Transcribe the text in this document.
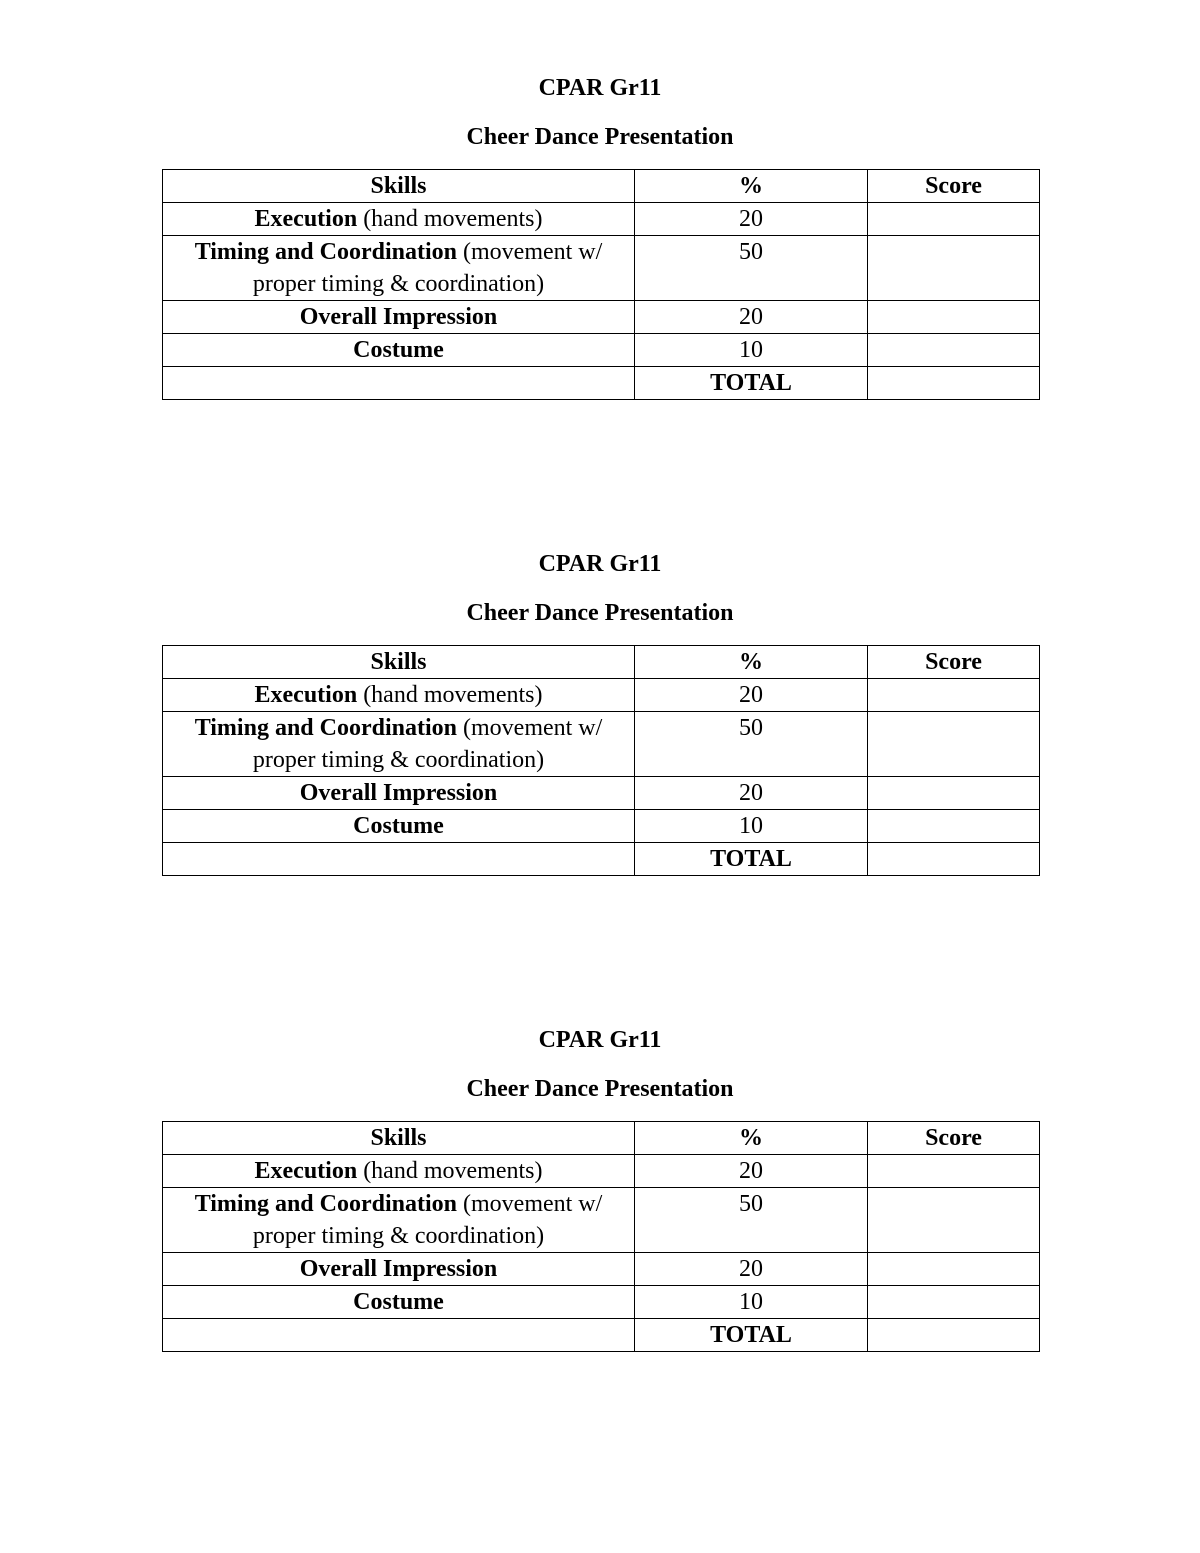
CPAR Gr11
Cheer Dance Presentation
Skills	%	Score
Execution (hand movements)	20	
Timing and Coordination (movement w/ proper timing & coordination)	50	
Overall Impression	20	
Costume	10	
	TOTAL	
CPAR Gr11
Cheer Dance Presentation
Skills	%	Score
Execution (hand movements)	20	
Timing and Coordination (movement w/ proper timing & coordination)	50	
Overall Impression	20	
Costume	10	
	TOTAL	
CPAR Gr11
Cheer Dance Presentation
Skills	%	Score
Execution (hand movements)	20	
Timing and Coordination (movement w/ proper timing & coordination)	50	
Overall Impression	20	
Costume	10	
	TOTAL	
